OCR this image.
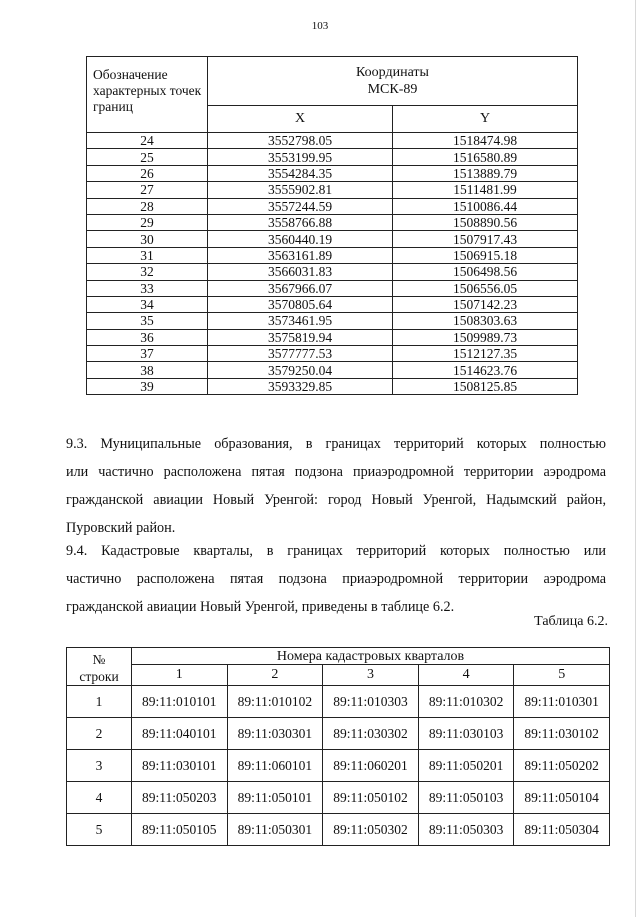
103
Обозначение характерных точек границ	Координаты
МСК-89	
	X	Y
24	3552798.05	1518474.98
25	3553199.95	1516580.89
26	3554284.35	1513889.79
27	3555902.81	1511481.99
28	3557244.59	1510086.44
29	3558766.88	1508890.56
30	3560440.19	1507917.43
31	3563161.89	1506915.18
32	3566031.83	1506498.56
33	3567966.07	1506556.05
34	3570805.64	1507142.23
35	3573461.95	1508303.63
36	3575819.94	1509989.73
37	3577777.53	1512127.35
38	3579250.04	1514623.76
39	3593329.85	1508125.85
9.3. Муниципальные образования, в границах территорий которых полностью
или частично расположена пятая подзона приаэродромной территории аэродрома
гражданской авиации Новый Уренгой: город Новый Уренгой, Надымский район,
Пуровский район.
9.4. Кадастровые кварталы, в границах территорий которых полностью или
частично расположена пятая подзона приаэродромной территории аэродрома
гражданской авиации Новый Уренгой, приведены в таблице 6.2.
Таблица 6.2.
№
строки	Номера кадастровых кварталов				
	1	2	3	4	5
1	89:11:010101	89:11:010102	89:11:010303	89:11:010302	89:11:010301
2	89:11:040101	89:11:030301	89:11:030302	89:11:030103	89:11:030102
3	89:11:030101	89:11:060101	89:11:060201	89:11:050201	89:11:050202
4	89:11:050203	89:11:050101	89:11:050102	89:11:050103	89:11:050104
5	89:11:050105	89:11:050301	89:11:050302	89:11:050303	89:11:050304
